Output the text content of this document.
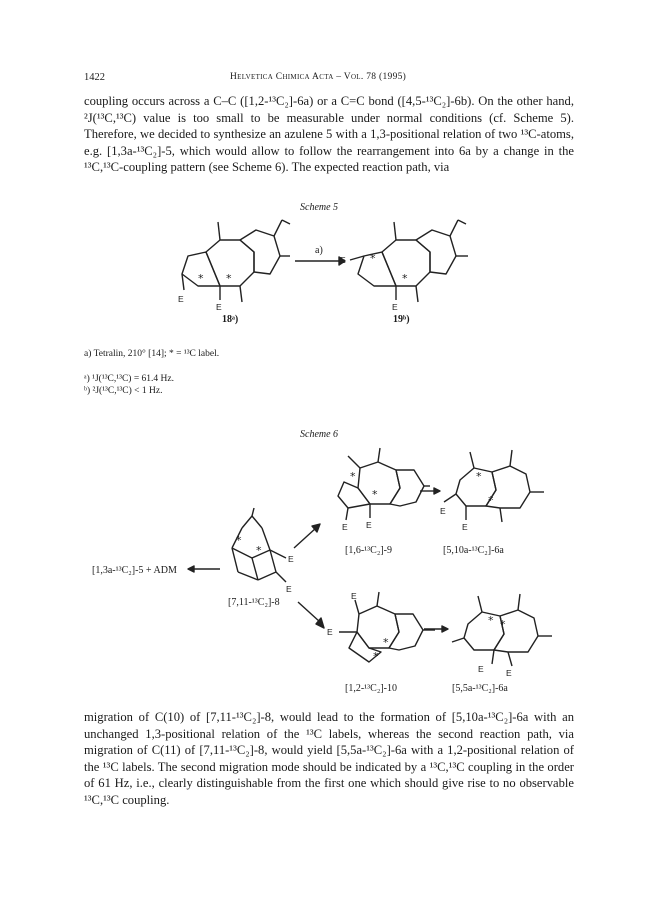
1422	Helvetica Chimica Acta – Vol. 78 (1995)

coupling occurs across a C–C ([1,2-¹³C₂]-6a) or a C=C bond ([4,5-¹³C₂]-6b). On the other hand, ²J(¹³C,¹³C) value is too small to be measurable under normal conditions (cf. Scheme 5). Therefore, we decided to synthesize an azulene 5 with a 1,3-positional relation of two ¹³C-atoms, e.g. [1,3a-¹³C₂]-5, which would allow to follow the rearrangement into 6a by a change in the ¹³C,¹³C-coupling pattern (see Scheme 6). The expected reaction path, via

Scheme 5
E
E
* *
a)
E
E
*
*
18ᵃ)	19ᵇ)
a) Tetralin, 210° [14]; * = ¹³C label.
ᵃ) ¹J(¹³C,¹³C) = 61.4 Hz.
ᵇ) ²J(¹³C,¹³C) < 1 Hz.
Scheme 6
E E
*
*
E
E
*
*
[1,6-¹³C₂]-9	[5,10a-¹³C₂]-6a
E
E
*
*
[1,3a-¹³C₂]-5 + ADM
[7,11-¹³C₂]-8
E
E
*
*
E	E
* *
[1,2-¹³C₂]-10	[5,5a-¹³C₂]-6a

migration of C(10) of [7,11-¹³C₂]-8, would lead to the formation of [5,10a-¹³C₂]-6a with an unchanged 1,3-positional relation of the ¹³C labels, whereas the second reaction path, via migration of C(11) of [7,11-¹³C₂]-8, would yield [5,5a-¹³C₂]-6a with a 1,2-positional relation of the ¹³C labels. The second migration mode should be indicated by a ¹³C,¹³C coupling in the order of 61 Hz, i.e., clearly distinguishable from the first one which should give rise to no observable ¹³C,¹³C coupling.
